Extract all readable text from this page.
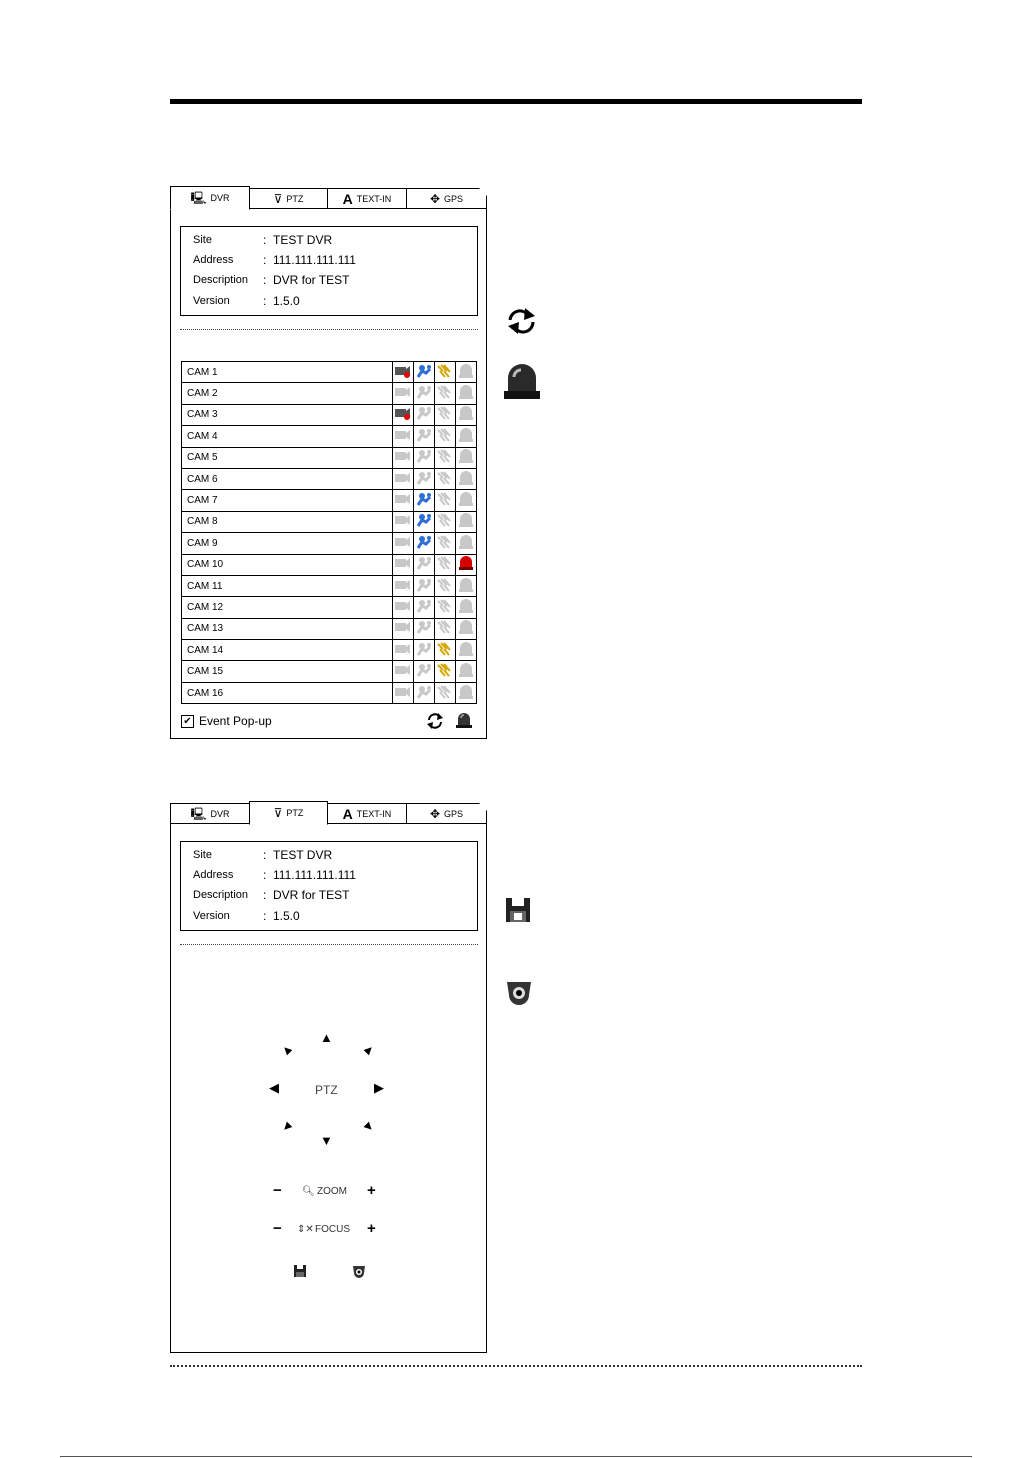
🖳 DVR	⊽ PTZ	A TEXT-IN	✥ GPS
Site	: TEST DVR
Address	: 111.111.111.111
Description	: DVR for TEST
Version	: 1.5.0
CAM 1				
CAM 2				
CAM 3				
CAM 4				
CAM 5				
CAM 6				
CAM 7				
CAM 8				
CAM 9				
CAM 10				
CAM 11				
CAM 12				
CAM 13				
CAM 14				
CAM 15				
CAM 16				
✔ Event Pop-up
🖳 DVR	⊽ PTZ	A TEXT-IN	✥ GPS
Site	: TEST DVR
Address	: 111.111.111.111
Description	: DVR for TEST
Version	: 1.5.0
▲
▲	▲
◀	PTZ	▶
▲	▲
▼
− 🔍︎ ZOOM +
− ⇕✕ FOCUS +
